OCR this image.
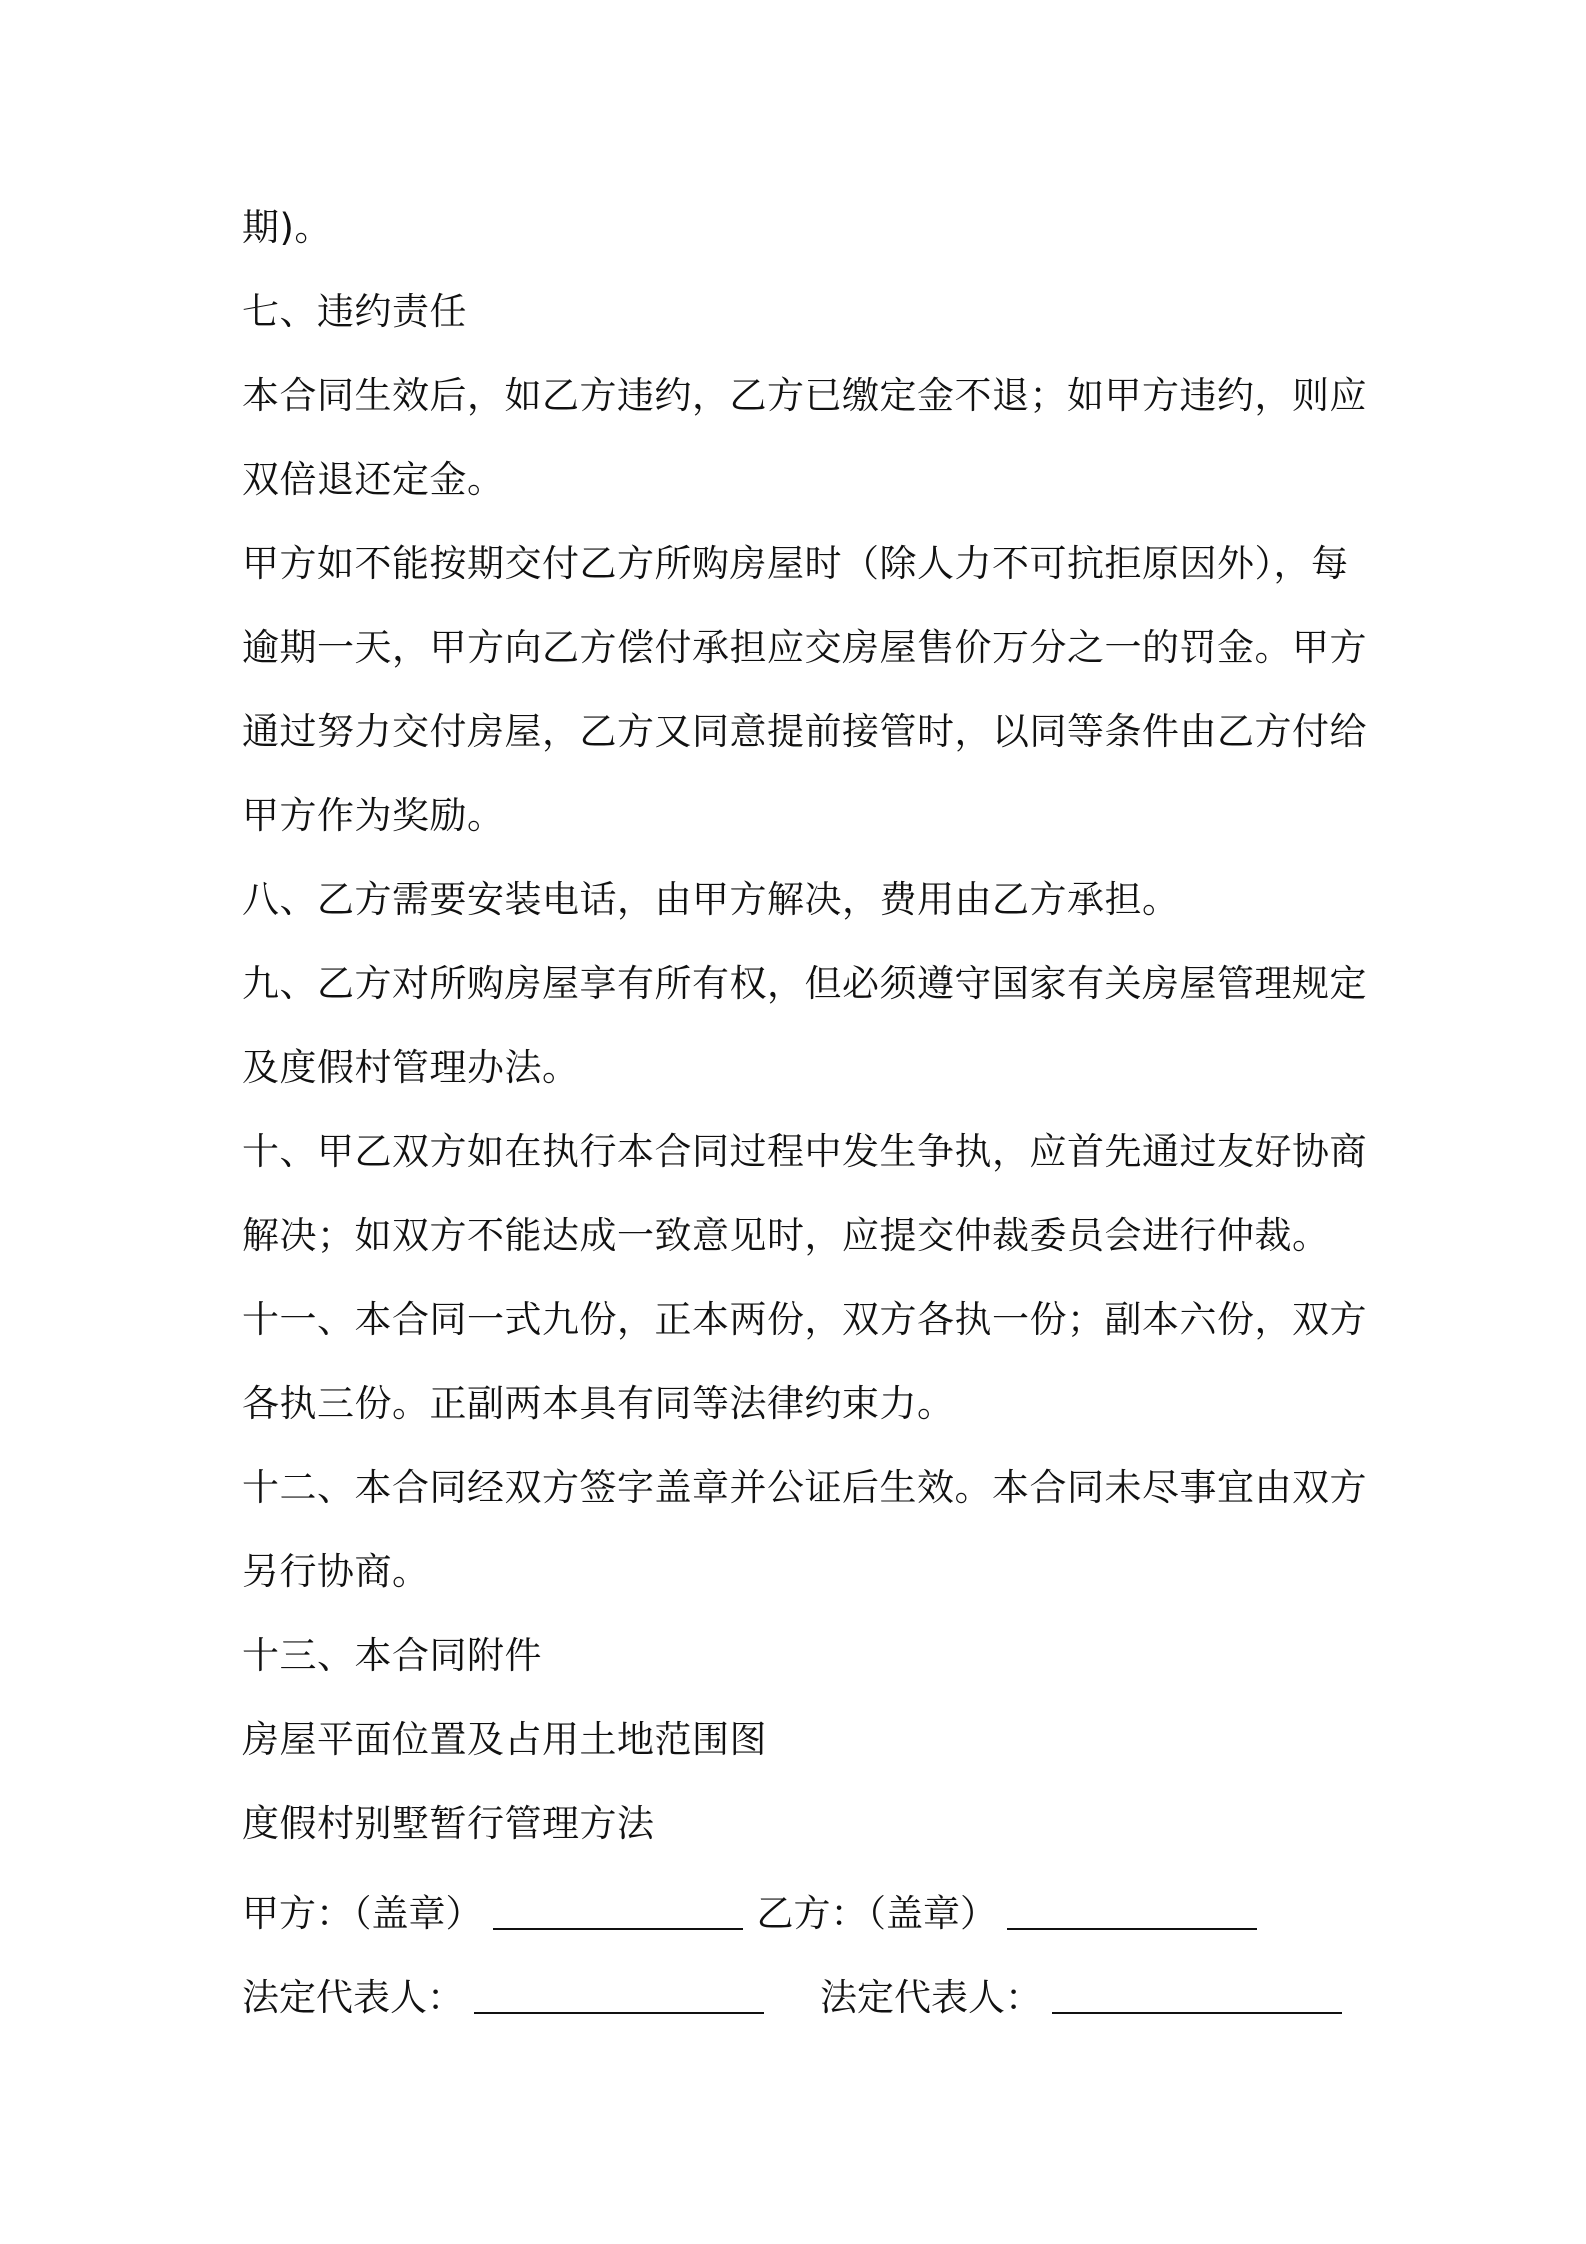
期)。
七、违约责任
本合同生效后，如乙方违约，乙方已缴定金不退；如甲方违约，则应
双倍退还定金。
甲方如不能按期交付乙方所购房屋时（除人力不可抗拒原因外），每
逾期一天，甲方向乙方偿付承担应交房屋售价万分之一的罚金。甲方
通过努力交付房屋，乙方又同意提前接管时，以同等条件由乙方付给
甲方作为奖励。
八、乙方需要安装电话，由甲方解决，费用由乙方承担。
九、乙方对所购房屋享有所有权，但必须遵守国家有关房屋管理规定
及度假村管理办法。
十、甲乙双方如在执行本合同过程中发生争执，应首先通过友好协商
解决；如双方不能达成一致意见时，应提交仲裁委员会进行仲裁。
十一、本合同一式九份，正本两份，双方各执一份；副本六份，双方
各执三份。正副两本具有同等法律约束力。
十二、本合同经双方签字盖章并公证后生效。本合同未尽事宜由双方
另行协商。
十三、本合同附件
房屋平面位置及占用土地范围图
度假村别墅暂行管理方法
甲方：（盖章）	乙方：（盖章）
法定代表人：	法定代表人：
